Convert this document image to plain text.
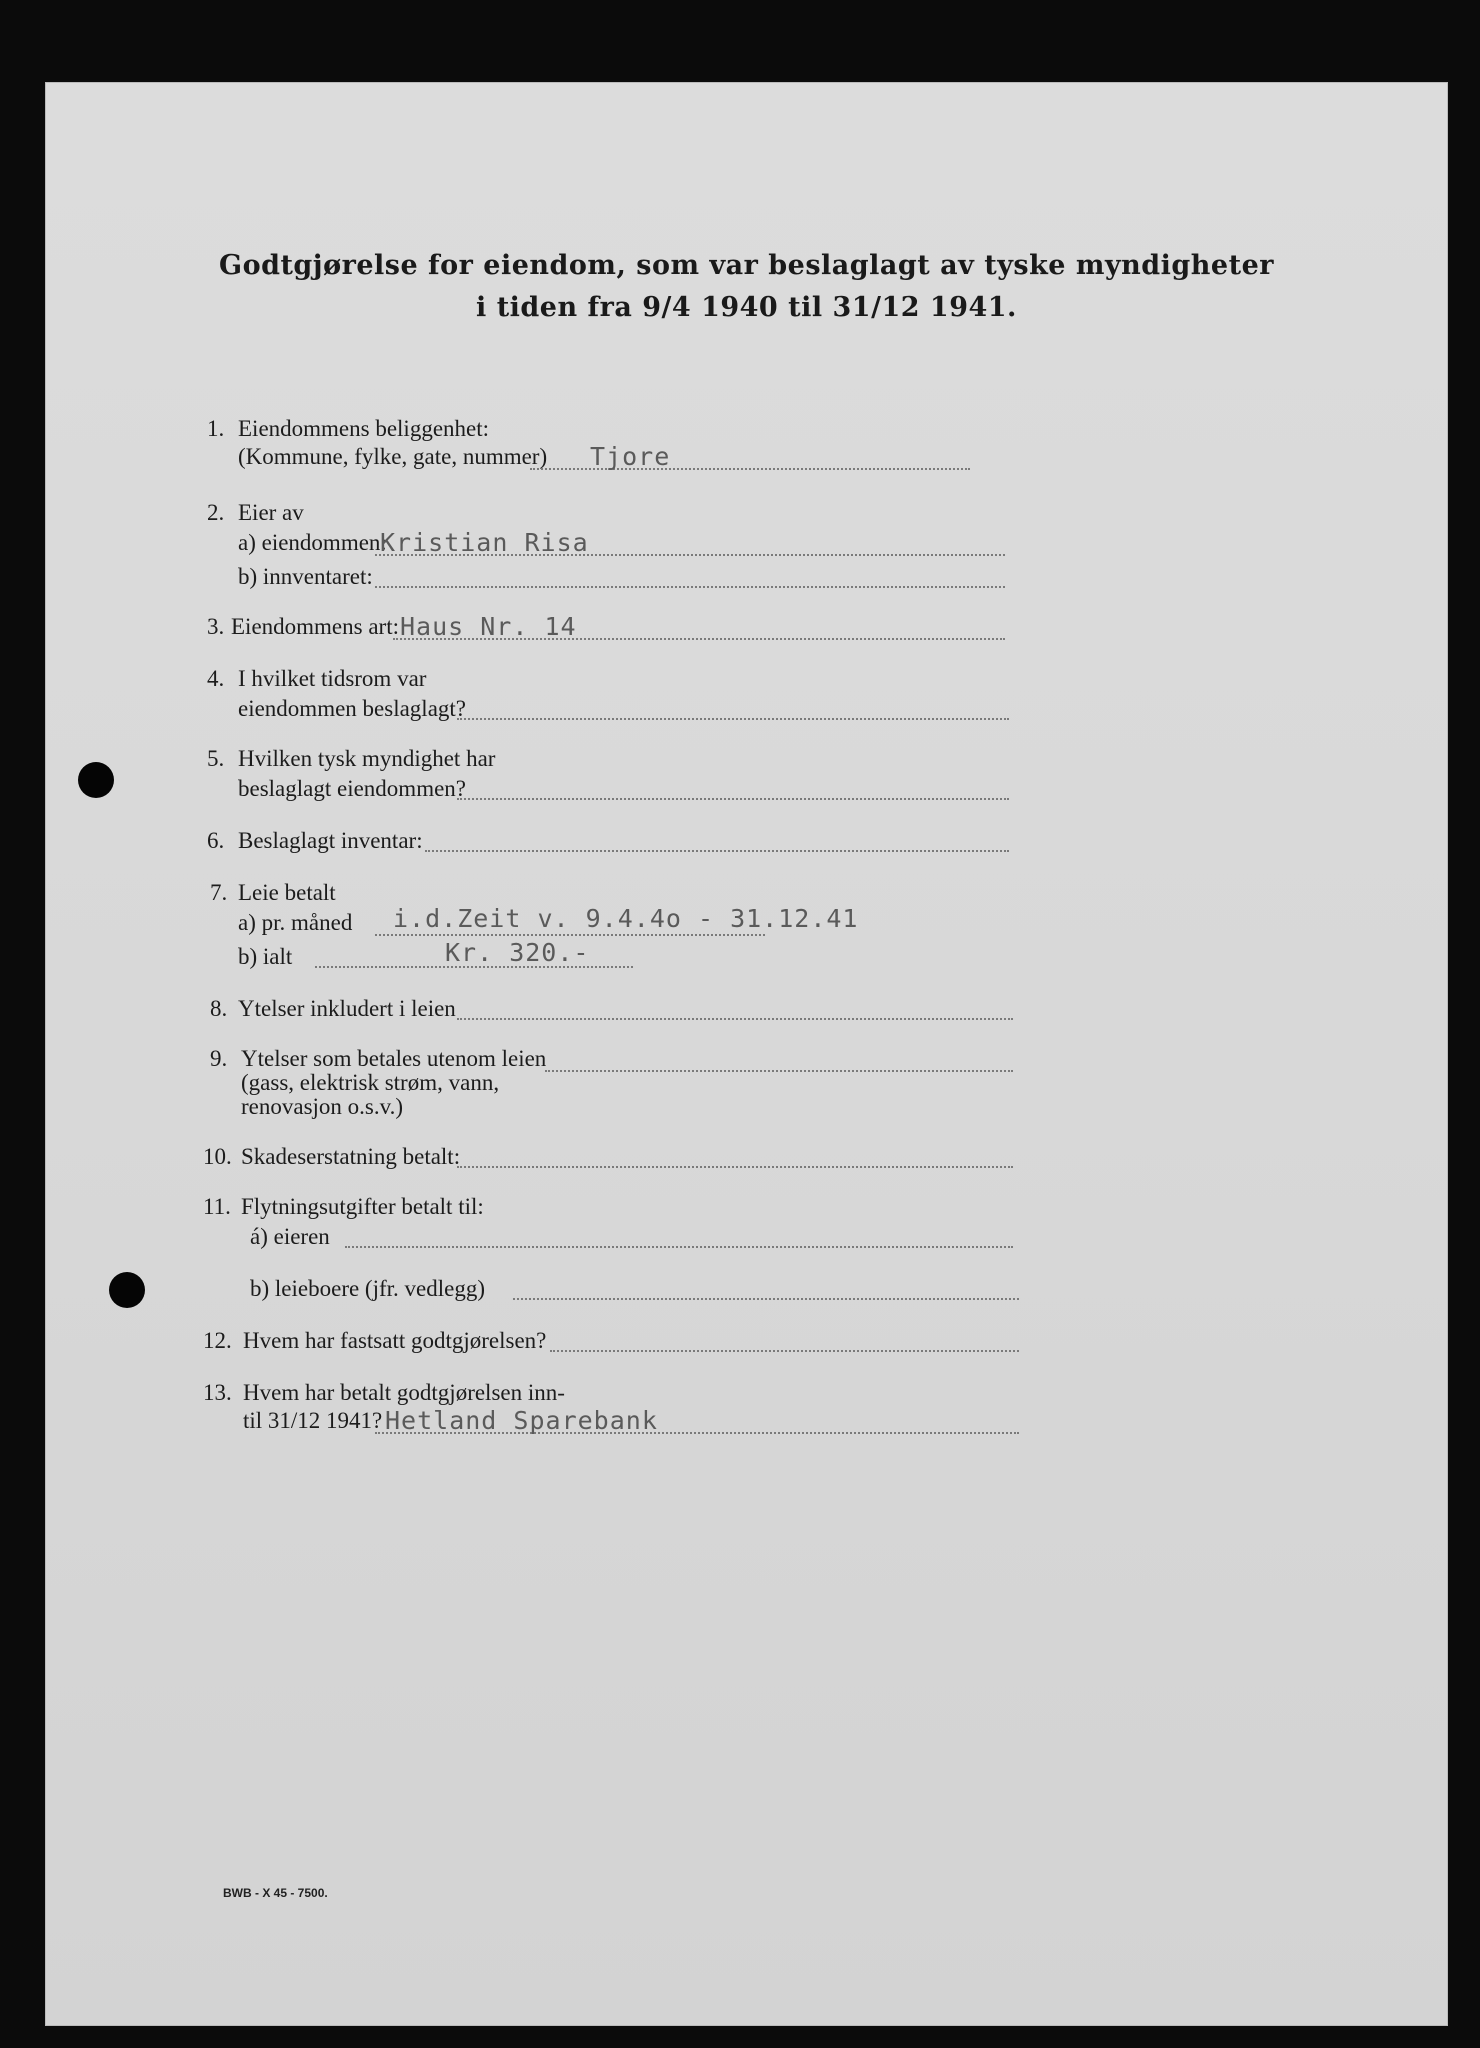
Godtgjørelse for eiendom, som var beslaglagt av tyske myndigheter
i tiden fra 9/4 1940 til 31/12 1941.
1. Eiendommens beliggenhet:
(Kommune, fylke, gate, nummer) Tjore
2. Eier av
a) eiendommen:
Kristian Risa
b) innventaret:
3. Eiendommens art: Haus Nr. 14
4. I hvilket tidsrom var
eiendommen beslaglagt?
5. Hvilken tysk myndighet har
beslaglagt eiendommen?
6. Beslaglagt inventar:
7. Leie betalt
a) pr. måned i.d.Zeit v. 9.4.4o - 31.12.41
b) ialt	Kr. 320.-
8. Ytelser inkludert i leien
9. Ytelser som betales utenom leien
(gass, elektrisk strøm, vann,
renovasjon o.s.v.)
10. Skadeserstatning betalt:
11. Flytningsutgifter betalt til:
á) eieren
b) leieboere (jfr. vedlegg)
12. Hvem har fastsatt godtgjørelsen?
13. Hvem har betalt godtgjørelsen inn-
til 31/12 1941? Hetland Sparebank
BWB - X 45 - 7500.
